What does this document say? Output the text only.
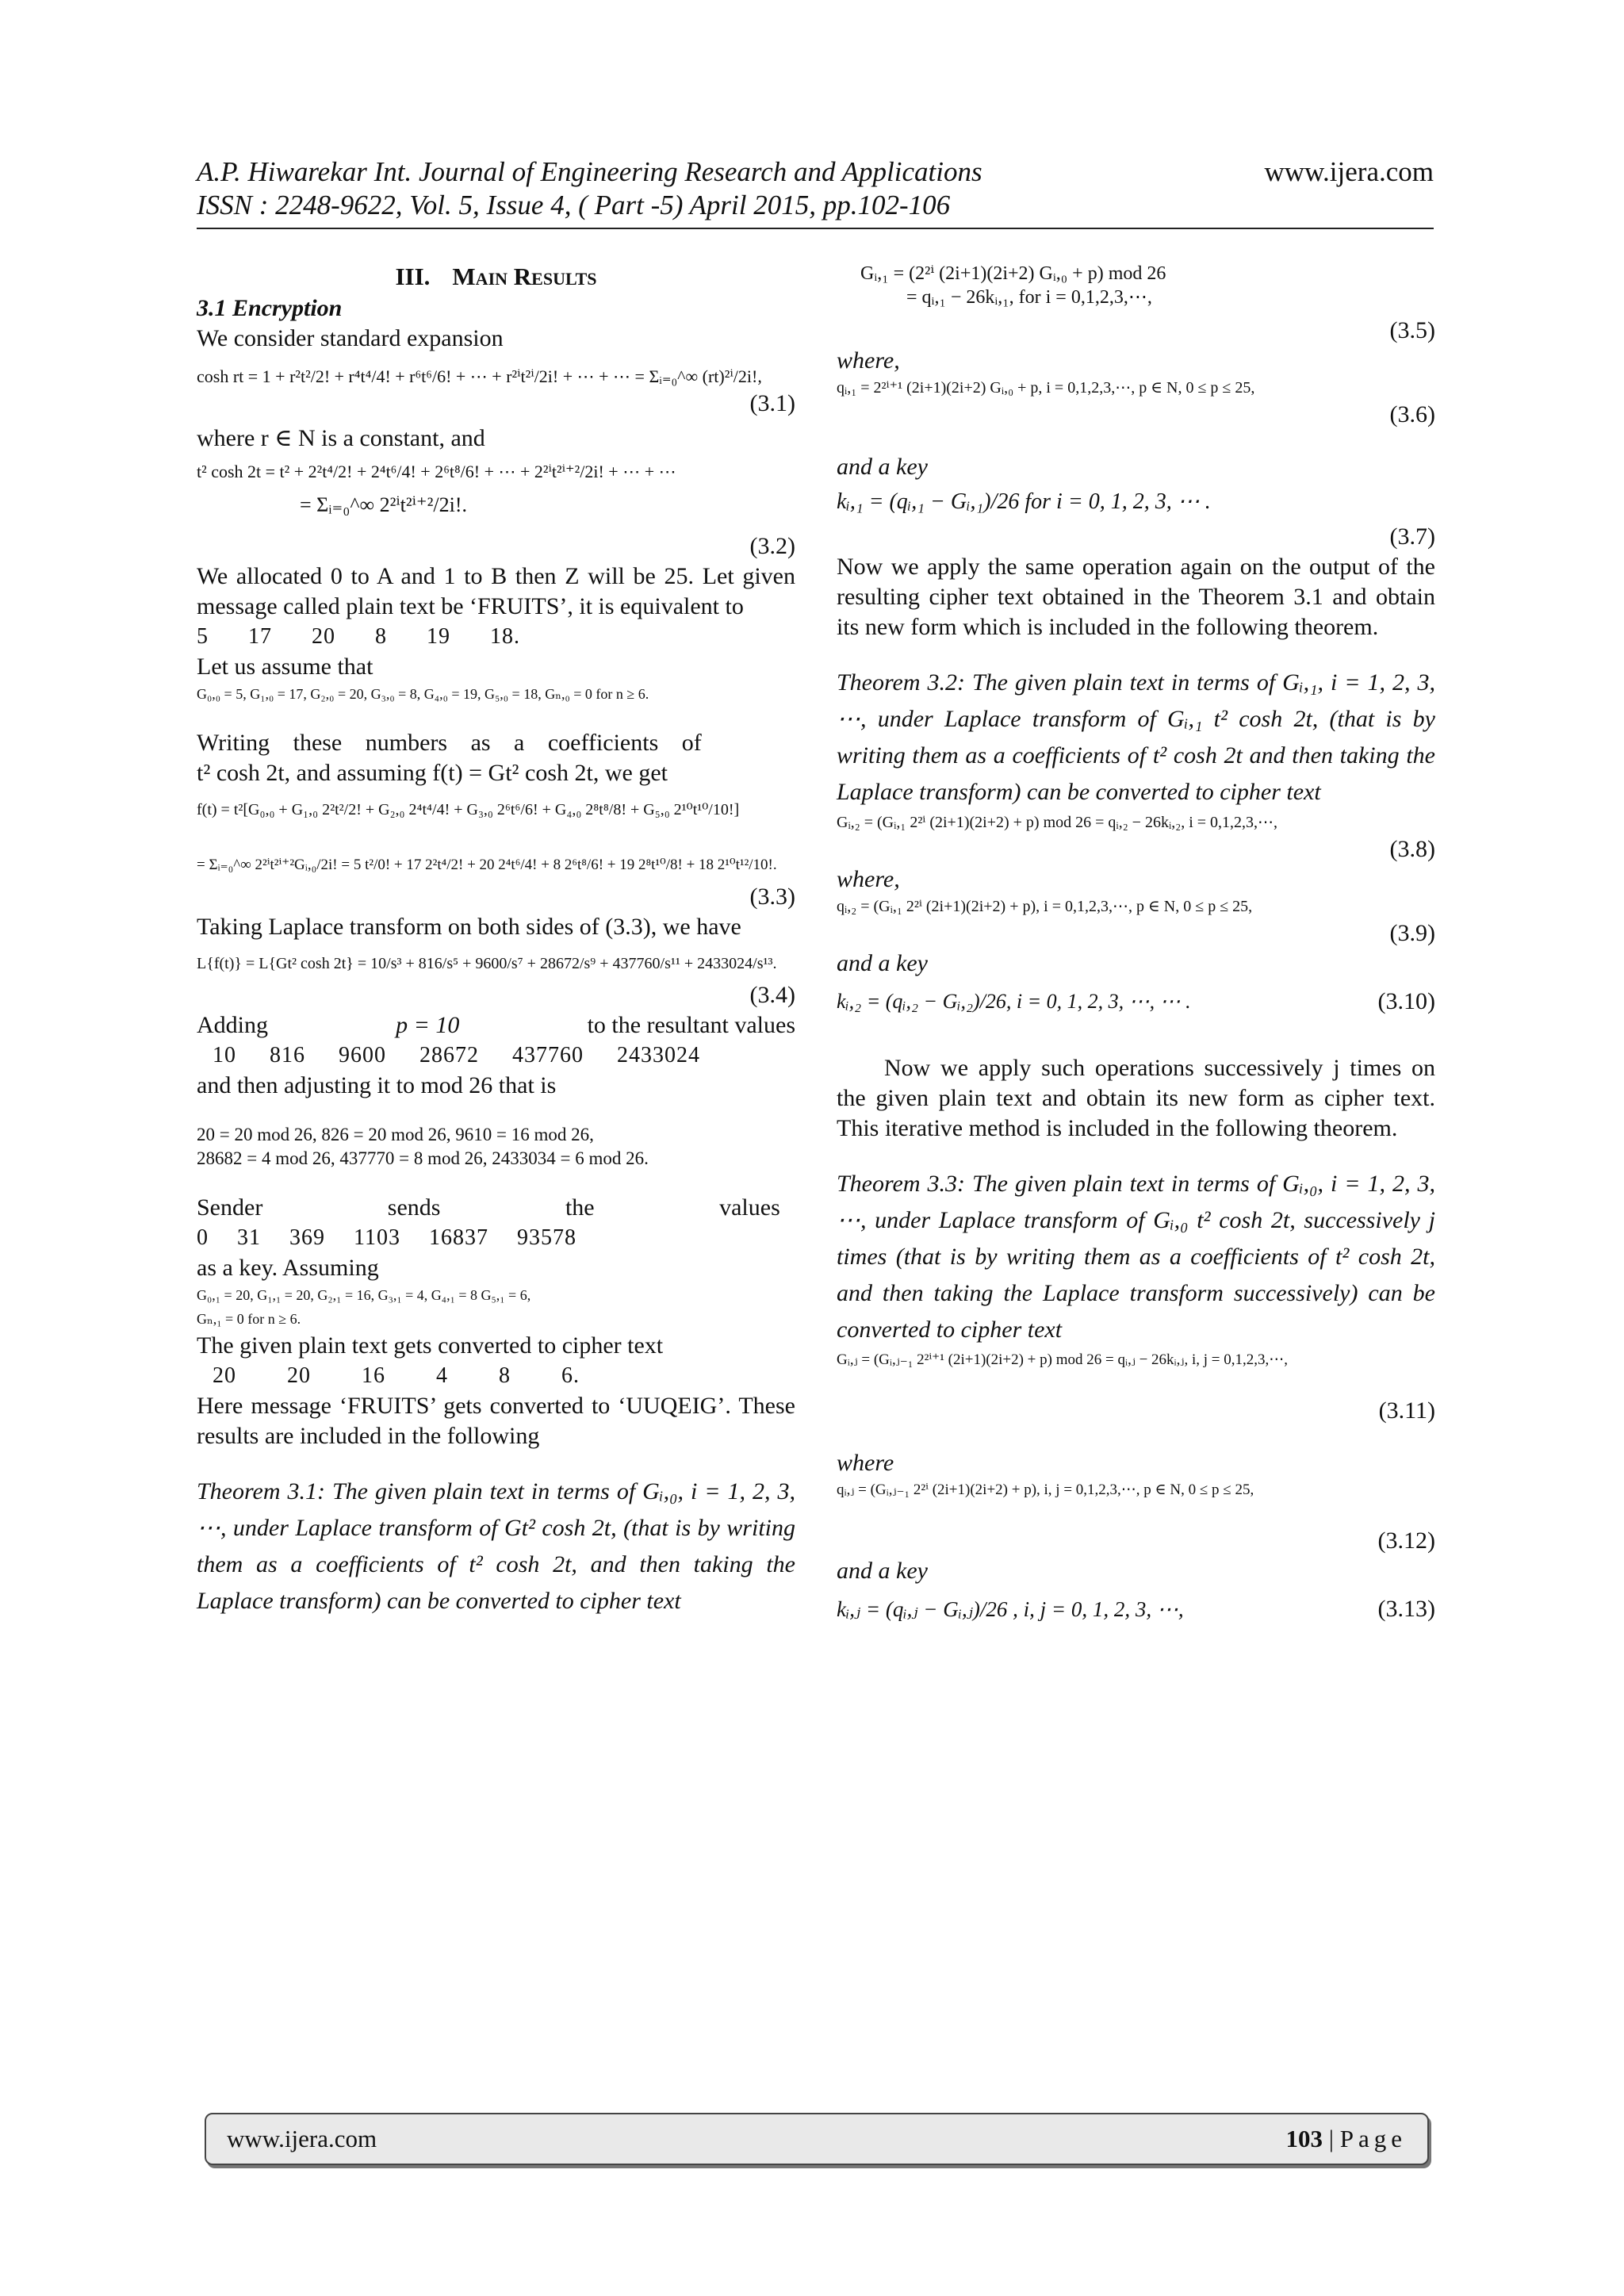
A.P. Hiwarekar Int. Journal of Engineering Research and Applications
ISSN : 2248-9622, Vol. 5, Issue 4, ( Part -5) April 2015, pp.102-106
www.ijera.com
III. Main Results
3.1 Encryption
We consider standard expansion
cosh rt = 1 + r²t²/2! + r⁴t⁴/4! + r⁶t⁶/6! + ⋯ + r²ⁱt²ⁱ/2i! + ⋯ + ⋯ = Σᵢ₌₀^∞ (rt)²ⁱ/2i!,
(3.1)
where r ∈ N is a constant, and
t² cosh 2t = t² + 2²t⁴/2! + 2⁴t⁶/4! + 2⁶t⁸/6! + ⋯ + 2²ⁱt²ⁱ⁺²/2i! + ⋯ + ⋯
= Σᵢ₌₀^∞ 2²ⁱt²ⁱ⁺²/2i!.
(3.2)
We allocated 0 to A and 1 to B then Z will be 25. Let given message called plain text be ‘FRUITS’, it is equivalent to
5 17 20 8 19 18.
Let us assume that
G₀,₀ = 5, G₁,₀ = 17, G₂,₀ = 20, G₃,₀ = 8, G₄,₀ = 19, G₅,₀ = 18, Gₙ,₀ = 0 for n ≥ 6.
Writing these numbers as a coefficients of
t² cosh 2t, and assuming f(t) = Gt² cosh 2t, we get
f(t) = t²[G₀,₀ + G₁,₀ 2²t²/2! + G₂,₀ 2⁴t⁴/4! + G₃,₀ 2⁶t⁶/6! + G₄,₀ 2⁸t⁸/8! + G₅,₀ 2¹⁰t¹⁰/10!]
= Σᵢ₌₀^∞ 2²ⁱt²ⁱ⁺²Gᵢ,₀/2i! = 5 t²/0! + 17 2²t⁴/2! + 20 2⁴t⁶/4! + 8 2⁶t⁸/6! + 19 2⁸t¹⁰/8! + 18 2¹⁰t¹²/10!.
(3.3)
Taking Laplace transform on both sides of (3.3), we have
L{f(t)} = L{Gt² cosh 2t} = 10/s³ + 816/s⁵ + 9600/s⁷ + 28672/s⁹ + 437760/s¹¹ + 2433024/s¹³.
(3.4)
Adding	p = 10	to the resultant values
10 816 9600 28672 437760 2433024
and then adjusting it to mod 26 that is
20 = 20 mod 26, 826 = 20 mod 26, 9610 = 16 mod 26,
28682 = 4 mod 26, 437770 = 8 mod 26, 2433034 = 6 mod 26.
Sender sends the values
0 31 369 1103 16837 93578
as a key. Assuming
G₀,₁ = 20, G₁,₁ = 20, G₂,₁ = 16, G₃,₁ = 4, G₄,₁ = 8 G₅,₁ = 6,
Gₙ,₁ = 0 for n ≥ 6.
The given plain text gets converted to cipher text
20 20 16 4 8 6.
Here message ‘FRUITS’ gets converted to ‘UUQEIG’. These results are included in the following
Theorem 3.1: The given plain text in terms of Gᵢ,₀, i = 1, 2, 3, ⋯, under Laplace transform of Gt² cosh 2t, (that is by writing them as a coefficients of t² cosh 2t, and then taking the Laplace transform) can be converted to cipher text
Gᵢ,₁ = (2²ⁱ (2i+1)(2i+2) Gᵢ,₀ + p) mod 26
= qᵢ,₁ − 26kᵢ,₁, for i = 0,1,2,3,⋯,
(3.5)
where,
qᵢ,₁ = 2²ⁱ⁺¹ (2i+1)(2i+2) Gᵢ,₀ + p, i = 0,1,2,3,⋯, p ∈ N, 0 ≤ p ≤ 25,
(3.6)
and a key
kᵢ,₁ = (qᵢ,₁ − Gᵢ,₁)/26 for i = 0, 1, 2, 3, ⋯ .
(3.7)
Now we apply the same operation again on the output of the resulting cipher text obtained in the Theorem 3.1 and obtain its new form which is included in the following theorem.
Theorem 3.2: The given plain text in terms of Gᵢ,₁, i = 1, 2, 3, ⋯, under Laplace transform of Gᵢ,₁ t² cosh 2t, (that is by writing them as a coefficients of t² cosh 2t and then taking the Laplace transform) can be converted to cipher text
Gᵢ,₂ = (Gᵢ,₁ 2²ⁱ (2i+1)(2i+2) + p) mod 26 = qᵢ,₂ − 26kᵢ,₂, i = 0,1,2,3,⋯,
(3.8)
where,
qᵢ,₂ = (Gᵢ,₁ 2²ⁱ (2i+1)(2i+2) + p), i = 0,1,2,3,⋯, p ∈ N, 0 ≤ p ≤ 25,
(3.9)
and a key
kᵢ,₂ = (qᵢ,₂ − Gᵢ,₂)/26, i = 0, 1, 2, 3, ⋯, ⋯ .	(3.10)
Now we apply such operations successively j times on the given plain text and obtain its new form as cipher text. This iterative method is included in the following theorem.
Theorem 3.3: The given plain text in terms of Gᵢ,₀, i = 1, 2, 3, ⋯, under Laplace transform of Gᵢ,₀ t² cosh 2t, successively j times (that is by writing them as a coefficients of t² cosh 2t, and then taking the Laplace transform successively) can be converted to cipher text
Gᵢ,ⱼ = (Gᵢ,ⱼ₋₁ 2²ⁱ⁺¹ (2i+1)(2i+2) + p) mod 26 = qᵢ,ⱼ − 26kᵢ,ⱼ, i, j = 0,1,2,3,⋯,
(3.11)
where
qᵢ,ⱼ = (Gᵢ,ⱼ₋₁ 2²ⁱ (2i+1)(2i+2) + p), i, j = 0,1,2,3,⋯, p ∈ N, 0 ≤ p ≤ 25,
(3.12)
and a key
kᵢ,ⱼ = (qᵢ,ⱼ − Gᵢ,ⱼ)/26 , i, j = 0, 1, 2, 3, ⋯,	(3.13)
www.ijera.com	103 | Page
